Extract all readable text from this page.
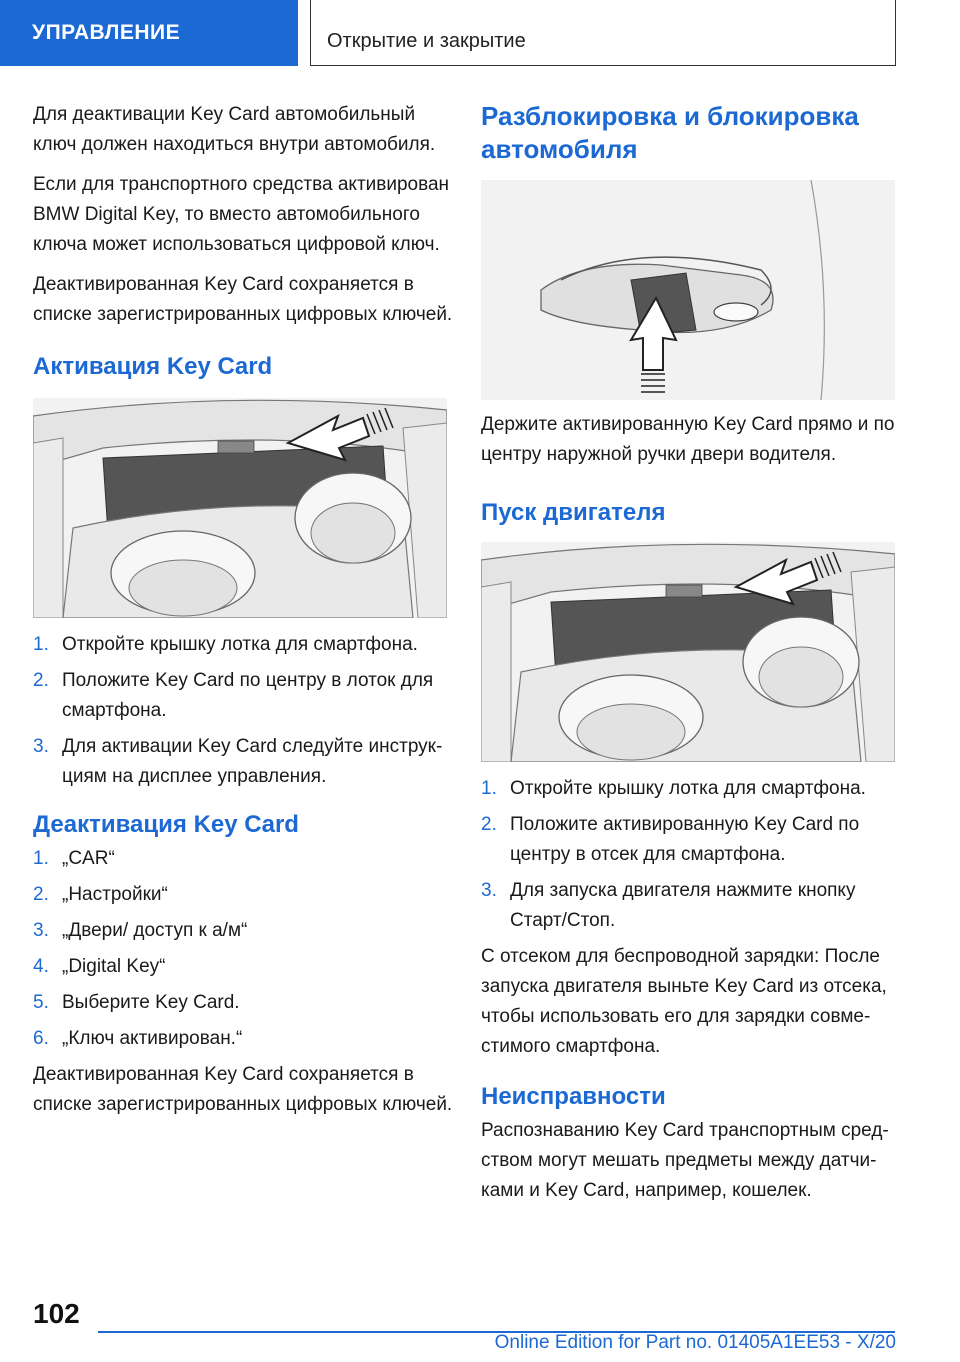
УПРАВЛЕНИЕ	Открытие и закрытие

Для деактивации Key Card автомобильный ключ должен находиться внутри автомобиля.

Если для транспортного средства активирован BMW Digital Key, то вместо автомобильного ключа может использоваться цифровой ключ.

Деактивированная Key Card сохраняется в списке зарегистрированных цифровых ключей.

Активация Key Card
1. Откройте крышку лотка для смартфона.
2. Положите Key Card по центру в лоток для смартфона.
3. Для активации Key Card следуйте инструкциям на дисплее управления.
Деактивация Key Card
1. „CAR“
2. „Настройки“
3. „Двери/ доступ к а/м“
4. „Digital Key“
5. Выберите Key Card.
6. „Ключ активирован.“

Деактивированная Key Card сохраняется в списке зарегистрированных цифровых ключей.

Разблокировка и блокировка автомобиля

Держите активированную Key Card прямо и по центру наружной ручки двери водителя.

Пуск двигателя
1. Откройте крышку лотка для смартфона.
2. Положите активированную Key Card по центру в отсек для смартфона.
3. Для запуска двигателя нажмите кнопку Старт/Стоп.

С отсеком для беспроводной зарядки: После запуска двигателя выньте Key Card из отсека, чтобы использовать его для зарядки совместимого смартфона.

Неисправности

Распознаванию Key Card транспортным средством могут мешать предметы между датчиками и Key Card, например, кошелек.

102
Online Edition for Part no. 01405A1EE53 - X/20
